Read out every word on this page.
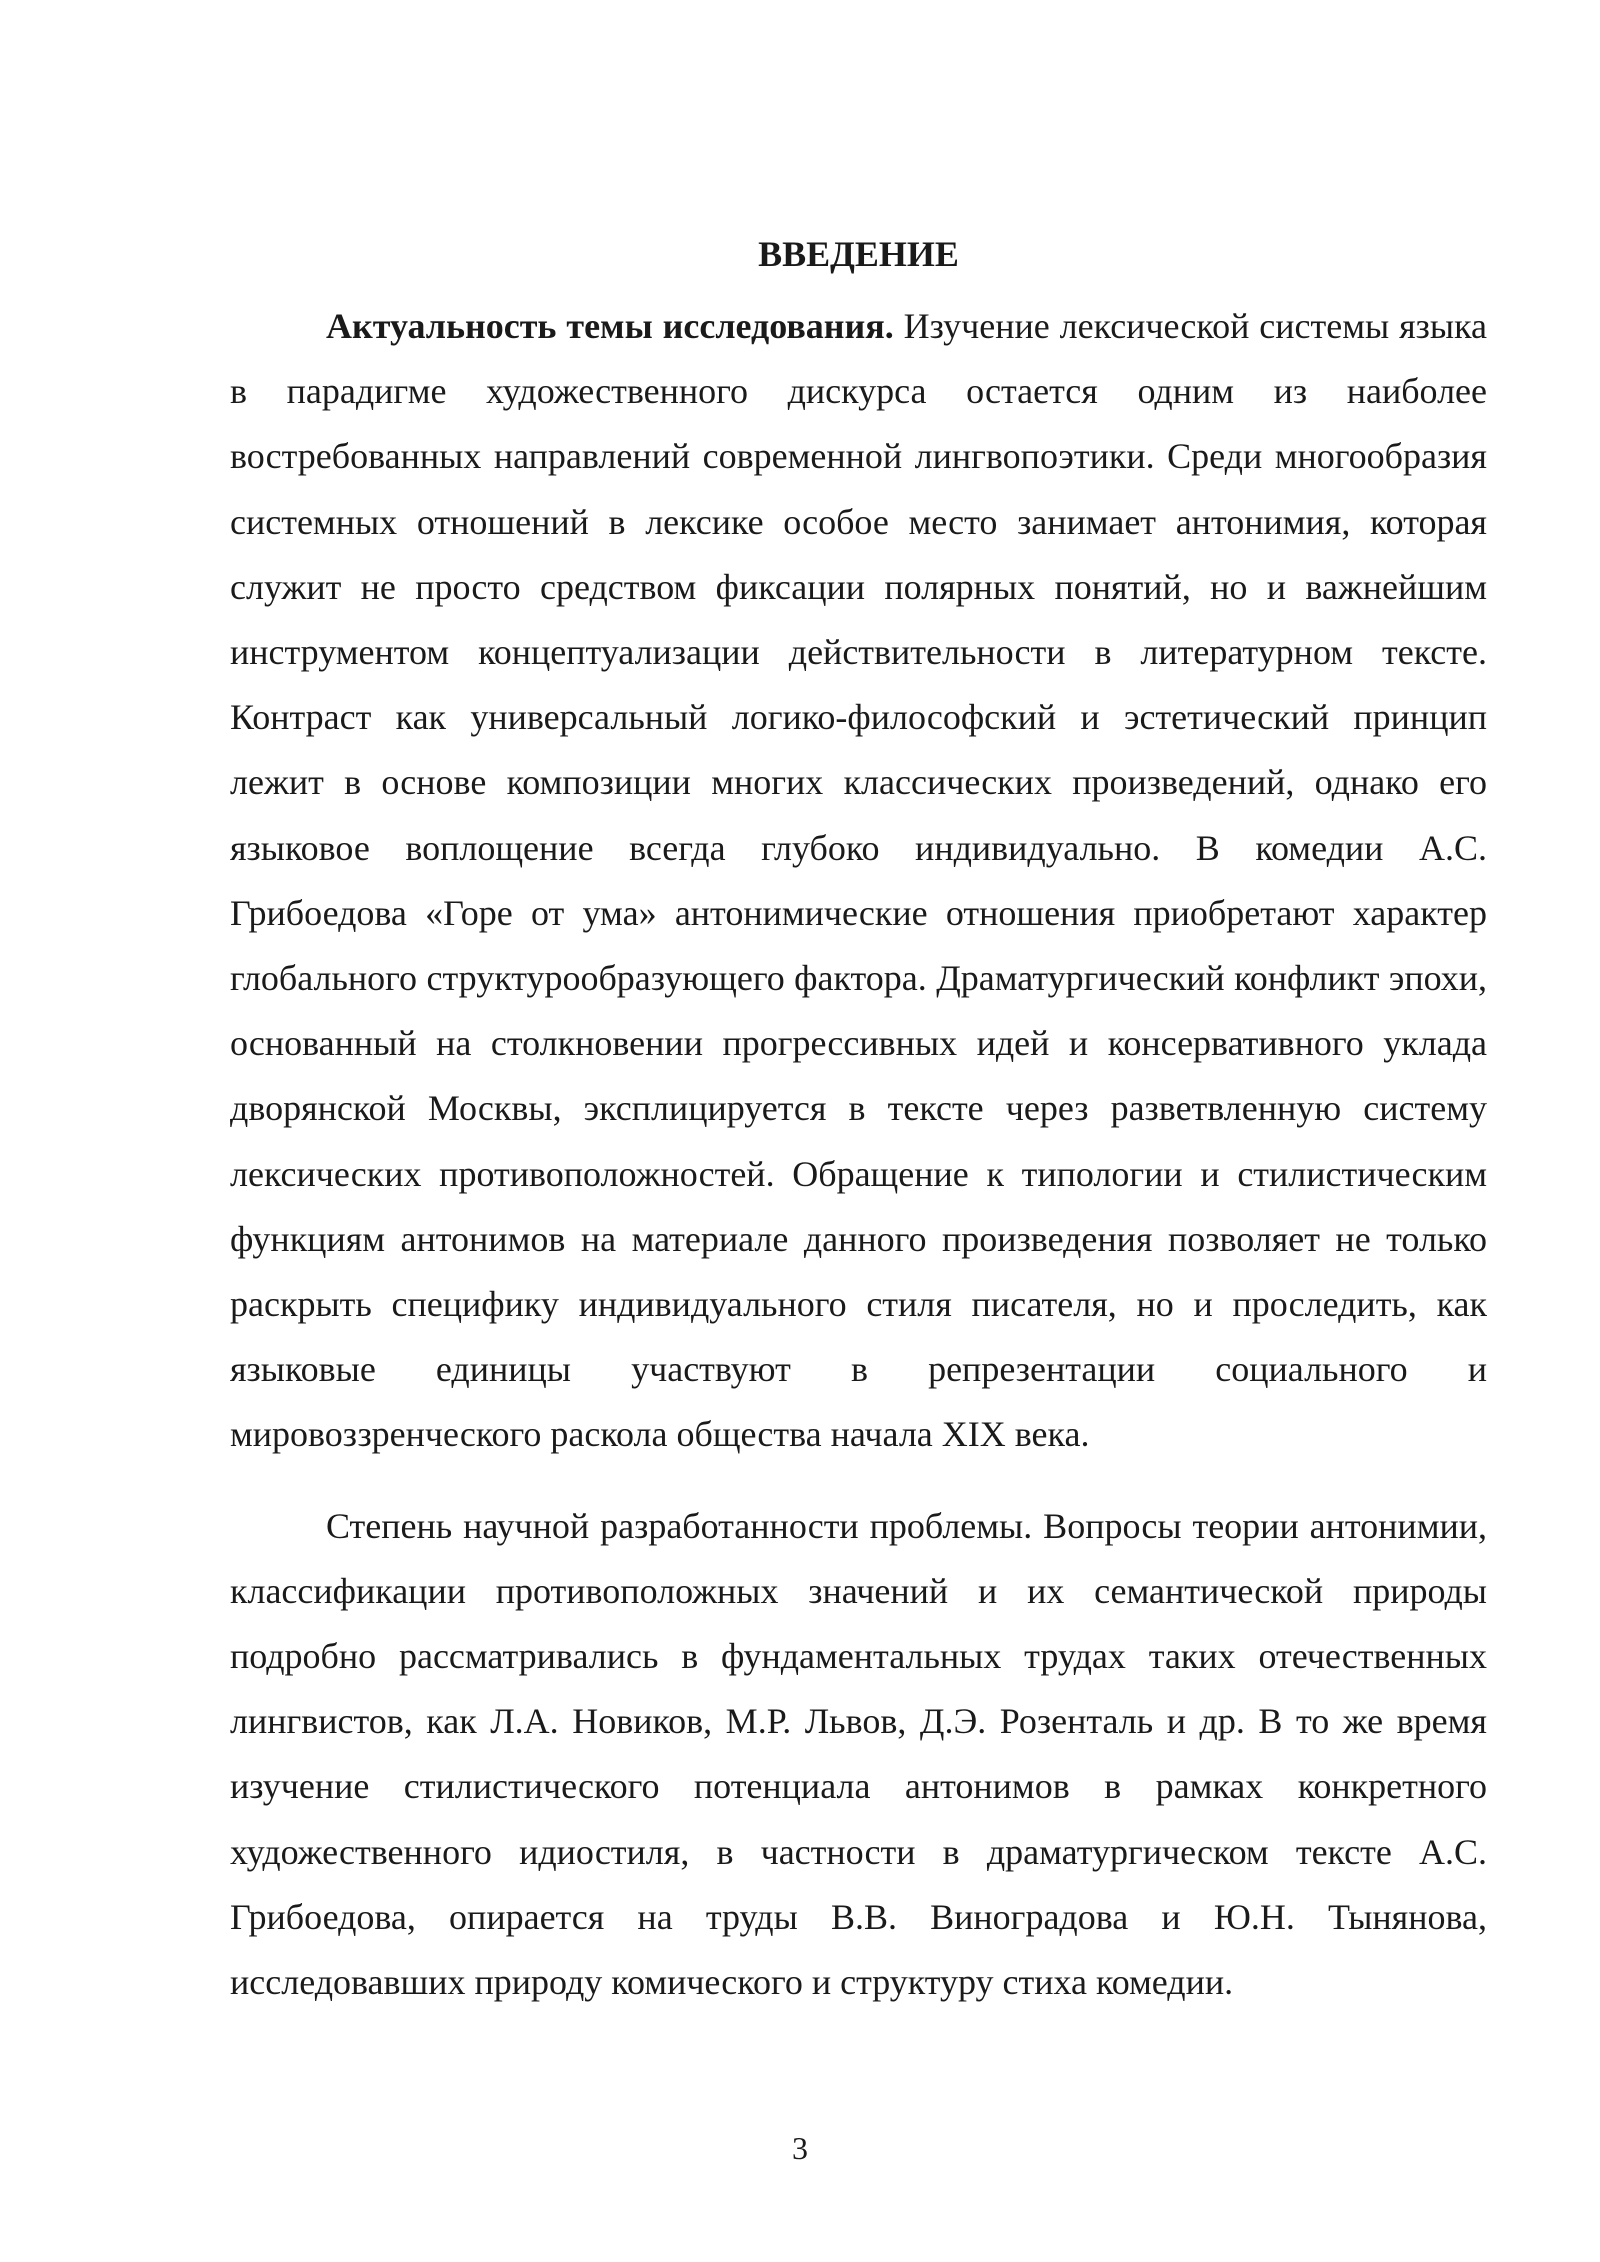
ВВЕДЕНИЕ

Актуальность темы исследования. Изучение лексической системы языка в парадигме художественного дискурса остается одним из наиболее востребованных направлений современной лингвопоэтики. Среди многообразия системных отношений в лексике особое место занимает антонимия, которая служит не просто средством фиксации полярных понятий, но и важнейшим инструментом концептуализации действительности в литературном тексте. Контраст как универсальный логико-философский и эстетический принцип лежит в основе композиции многих классических произведений, однако его языковое воплощение всегда глубоко индивидуально. В комедии А.С. Грибоедова «Горе от ума» антонимические отношения приобретают характер глобального структурообразующего фактора. Драматургический конфликт эпохи, основанный на столкновении прогрессивных идей и консервативного уклада дворянской Москвы, эксплицируется в тексте через разветвленную систему лексических противоположностей. Обращение к типологии и стилистическим функциям антонимов на материале данного произведения позволяет не только раскрыть специфику индивидуального стиля писателя, но и проследить, как языковые единицы участвуют в репрезентации социального и мировоззренческого раскола общества начала XIX века.

Степень научной разработанности проблемы. Вопросы теории антонимии, классификации противоположных значений и их семантической природы подробно рассматривались в фундаментальных трудах таких отечественных лингвистов, как Л.А. Новиков, М.Р. Львов, Д.Э. Розенталь и др. В то же время изучение стилистического потенциала антонимов в рамках конкретного художественного идиостиля, в частности в драматургическом тексте А.С. Грибоедова, опирается на труды В.В. Виноградова и Ю.Н. Тынянова, исследовавших природу комического и структуру стиха комедии.

3
